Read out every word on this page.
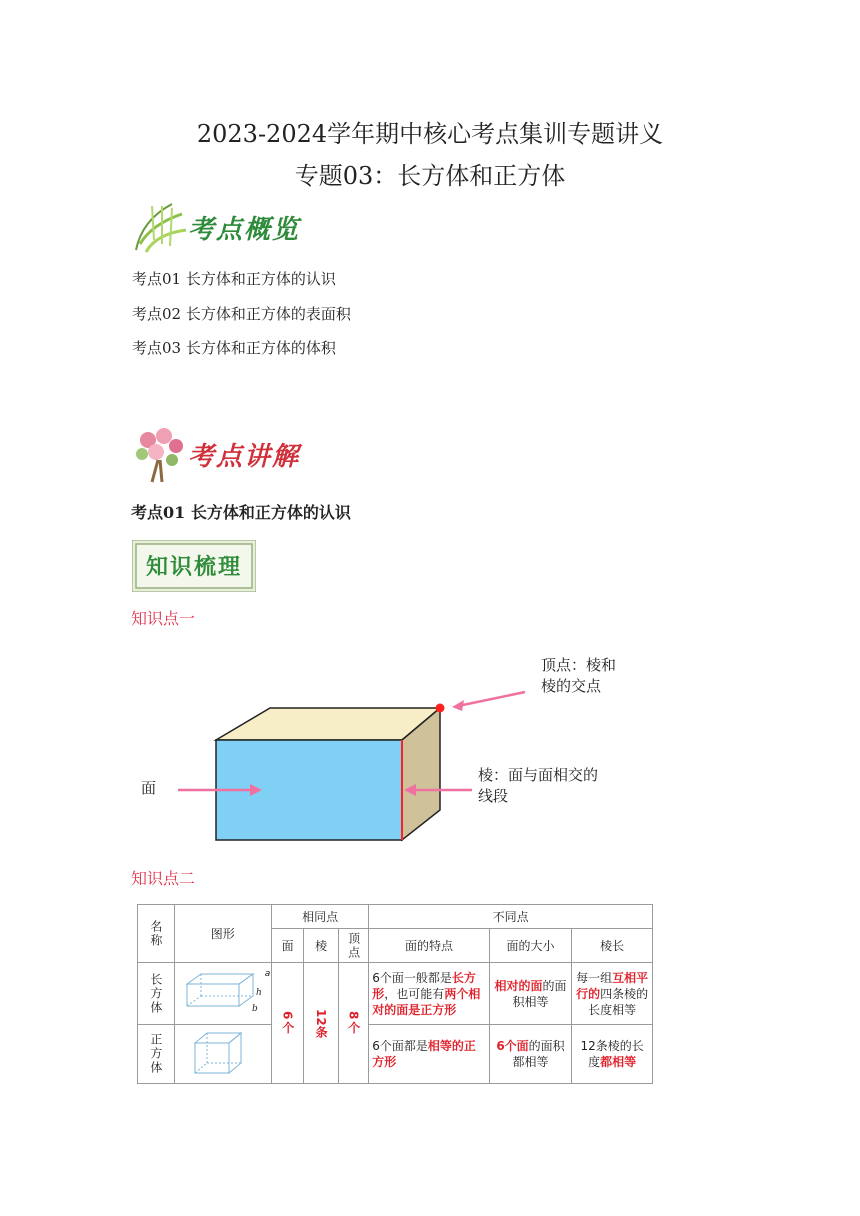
2023-2024学年期中核心考点集训专题讲义
专题03：长方体和正方体
考点概览
考点01 长方体和正方体的认识
考点02 长方体和正方体的表面积
考点03 长方体和正方体的体积
考点讲解
考点01 长方体和正方体的认识
知识梳理
知识点一
顶点：棱和
棱的交点
面
棱：面与面相交的
线段
知识点二
名称	图形	相同点			不同点		
		面	棱	顶点	面的特点	面的大小	棱长

长方体	a	6个	12条	8个	6个面一般都是长方形，也可能有两个相对的面是正方形	相对的面的面积相等	每一组互相平行的四条棱的长度相等

正方体					6个面都是相等的正方形	6个面的面积都相等	12条棱的长度都相等
h
b
